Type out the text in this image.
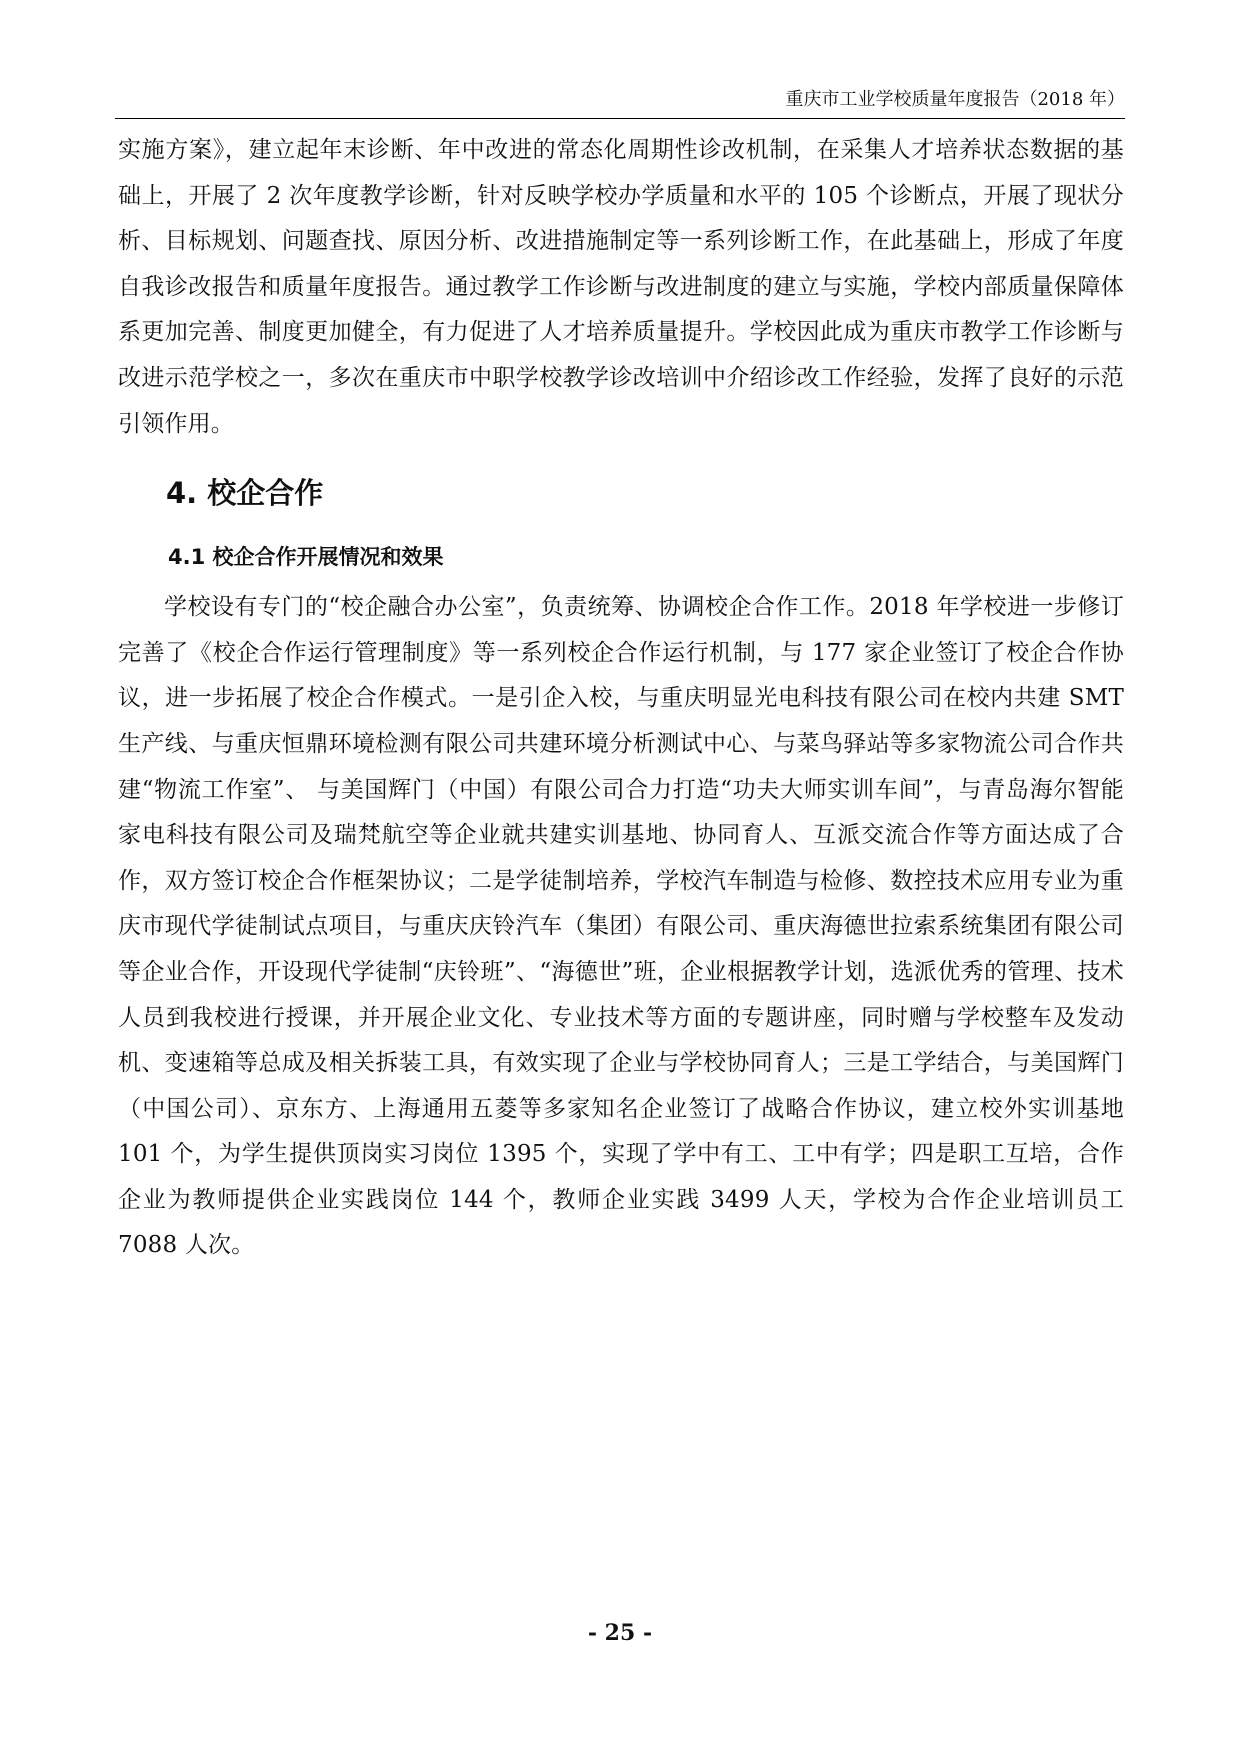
重庆市工业学校质量年度报告（2018 年）

实施方案》，建立起年末诊断、年中改进的常态化周期性诊改机制，在采集人才培养状态数据的基础上，开展了 2 次年度教学诊断，针对反映学校办学质量和水平的 105 个诊断点，开展了现状分析、目标规划、问题查找、原因分析、改进措施制定等一系列诊断工作，在此基础上，形成了年度自我诊改报告和质量年度报告。通过教学工作诊断与改进制度的建立与实施，学校内部质量保障体系更加完善、制度更加健全，有力促进了人才培养质量提升。学校因此成为重庆市教学工作诊断与改进示范学校之一，多次在重庆市中职学校教学诊改培训中介绍诊改工作经验，发挥了良好的示范引领作用。

4. 校企合作
4.1 校企合作开展情况和效果

学校设有专门的“校企融合办公室”，负责统筹、协调校企合作工作。2018 年学校进一步修订完善了《校企合作运行管理制度》等一系列校企合作运行机制，与 177 家企业签订了校企合作协议，进一步拓展了校企合作模式。一是引企入校，与重庆明显光电科技有限公司在校内共建 SMT 生产线、与重庆恒鼎环境检测有限公司共建环境分析测试中心、与菜鸟驿站等多家物流公司合作共建“物流工作室”、 与美国辉门（中国）有限公司合力打造“功夫大师实训车间”，与青岛海尔智能家电科技有限公司及瑞梵航空等企业就共建实训基地、协同育人、互派交流合作等方面达成了合作，双方签订校企合作框架协议；二是学徒制培养，学校汽车制造与检修、数控技术应用专业为重庆市现代学徒制试点项目，与重庆庆铃汽车（集团）有限公司、重庆海德世拉索系统集团有限公司等企业合作，开设现代学徒制“庆铃班”、“海德世”班，企业根据教学计划，选派优秀的管理、技术人员到我校进行授课，并开展企业文化、专业技术等方面的专题讲座，同时赠与学校整车及发动机、变速箱等总成及相关拆装工具，有效实现了企业与学校协同育人；三是工学结合，与美国辉门（中国公司）、京东方、上海通用五菱等多家知名企业签订了战略合作协议，建立校外实训基地 101 个，为学生提供顶岗实习岗位 1395 个，实现了学中有工、工中有学；四是职工互培，合作企业为教师提供企业实践岗位 144 个，教师企业实践 3499 人天，学校为合作企业培训员工 7088 人次。

- 25 -
